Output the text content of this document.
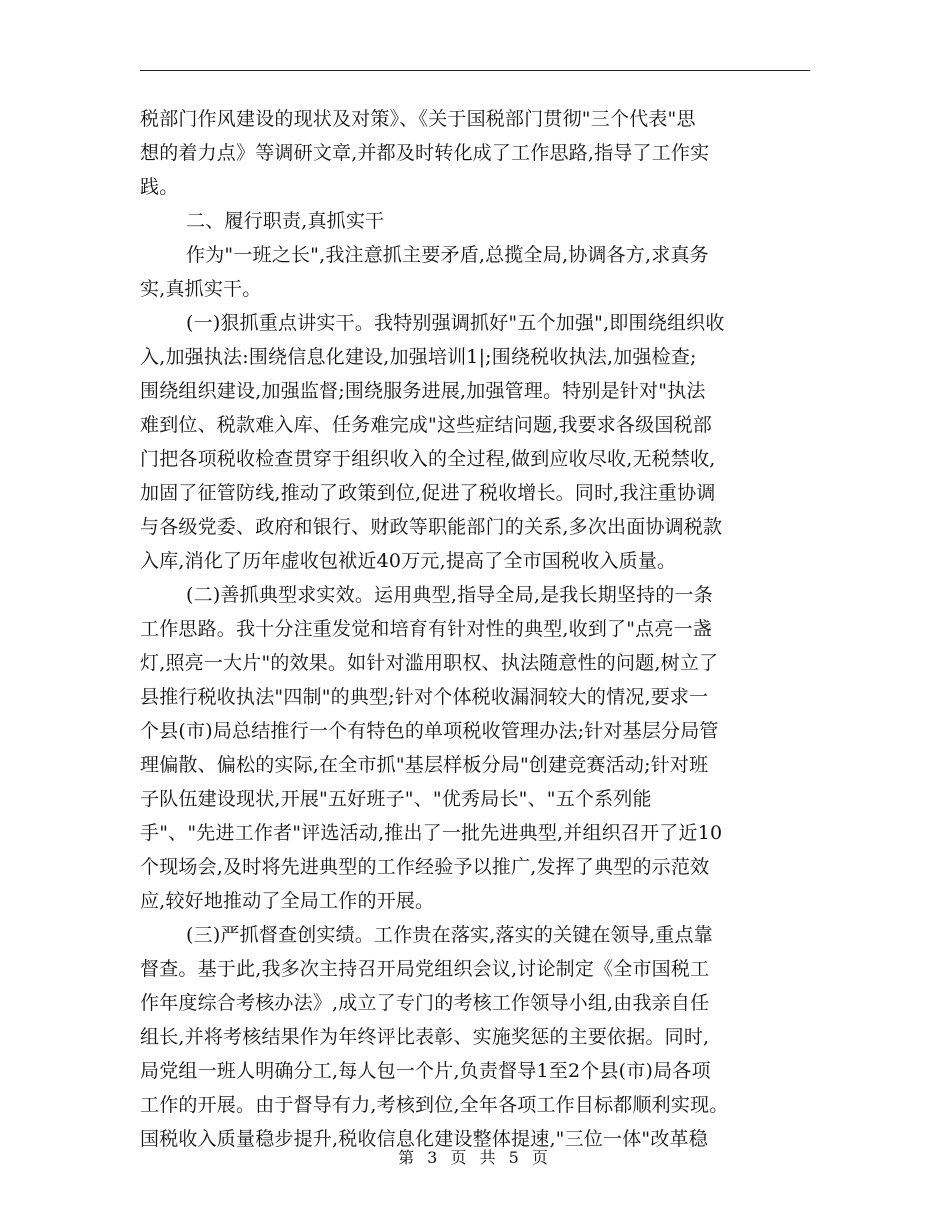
税部门作风建设的现状及对策》、《关于国税部门贯彻"三个代表"思
想的着力点》等调研文章,并都及时转化成了工作思路,指导了工作实
践。
二、履行职责,真抓实干
作为"一班之长",我注意抓主要矛盾,总揽全局,协调各方,求真务
实,真抓实干。
(一)狠抓重点讲实干。我特别强调抓好"五个加强",即围绕组织收
入,加强执法:围绕信息化建设,加强培训1|;围绕税收执法,加强检查;
围绕组织建设,加强监督;围绕服务进展,加强管理。特别是针对"执法
难到位、税款难入库、任务难完成"这些症结问题,我要求各级国税部
门把各项税收检查贯穿于组织收入的全过程,做到应收尽收,无税禁收,
加固了征管防线,推动了政策到位,促进了税收增长。同时,我注重协调
与各级党委、政府和银行、财政等职能部门的关系,多次出面协调税款
入库,消化了历年虚收包袱近40万元,提高了全市国税收入质量。
(二)善抓典型求实效。运用典型,指导全局,是我长期坚持的一条
工作思路。我十分注重发觉和培育有针对性的典型,收到了"点亮一盏
灯,照亮一大片"的效果。如针对滥用职权、执法随意性的问题,树立了
县推行税收执法"四制"的典型;针对个体税收漏洞较大的情况,要求一
个县(市)局总结推行一个有特色的单项税收管理办法;针对基层分局管
理偏散、偏松的实际,在全市抓"基层样板分局"创建竞赛活动;针对班
子队伍建设现状,开展"五好班子"、"优秀局长"、"五个系列能
手"、"先进工作者"评选活动,推出了一批先进典型,并组织召开了近10
个现场会,及时将先进典型的工作经验予以推广,发挥了典型的示范效
应,较好地推动了全局工作的开展。
(三)严抓督查创实绩。工作贵在落实,落实的关键在领导,重点靠
督查。基于此,我多次主持召开局党组织会议,讨论制定《全市国税工
作年度综合考核办法》,成立了专门的考核工作领导小组,由我亲自任
组长,并将考核结果作为年终评比表彰、实施奖惩的主要依据。同时,
局党组一班人明确分工,每人包一个片,负责督导1至2个县(市)局各项
工作的开展。由于督导有力,考核到位,全年各项工作目标都顺利实现。
国税收入质量稳步提升,税收信息化建设整体提速,"三位一体"改革稳
第 3 页 共 5 页
